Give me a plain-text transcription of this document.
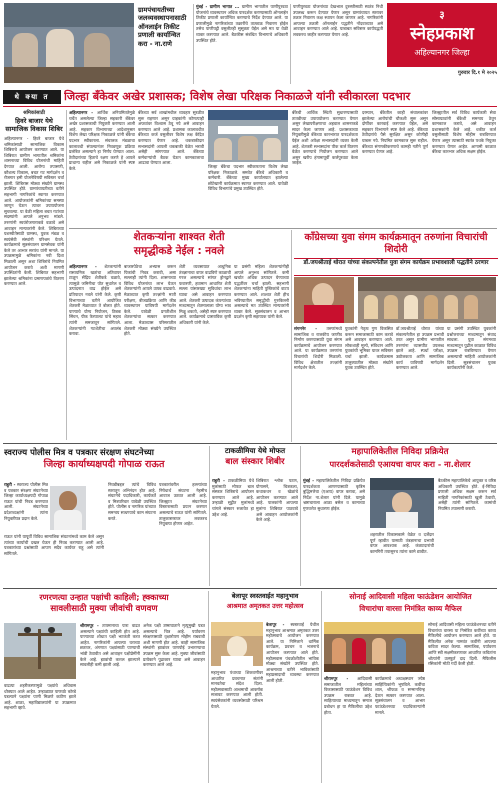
ग्रामपंचायतीच्या जलव्यवस्थापनासाठी ऑनलाईन तिकीट प्रणाली कार्यान्वित करा - ना.राणे
मुंबई - ग्रामीण भागात ... ग्रामीण भागातील पाणीपुरवठा योजनांचे व्यवस्थापन अधिक पारदर्शक करण्यासाठी ऑनलाईन तिकीट प्रणाली कार्यान्वित करण्याचे निर्देश देण्यात आले. या प्रणालीमुळे नागरिकांच्या तक्रारींचे तात्काळ निवारण होईल तसेच पाणीपट्टी वसुलीतही सुसूत्रता येईल असे मत या वेळी व्यक्त करण्यात आले. बैठकीस संबंधित विभागाचे अधिकारी उपस्थित होते.
पाणीपुरवठा योजनांच्या देखभाल दुरुस्तीसाठी स्वतंत्र निधी उपलब्ध करून देण्यात येणार असून ग्रामपंचायत स्तरावर तक्रार निवारण कक्ष स्थापन केला जाणार आहे. नागरिकांनी आपल्या तक्रारी ऑनलाईन पद्धतीने नोंदवाव्यात असे आवाहन करण्यात आले आहे. याबाबत सविस्तर कार्यपद्धती लवकरच जाहीर करण्यात येणार आहे.
३
स्नेहप्रकाश
अहिल्यानगर जिल्हा
गुरुवार दि.१ मे २०२५
थे क्या त	जिल्हा बँकेवर अखेर प्रशासक; विशेष लेखा परिक्षक निकाळजे यांनी स्वीकारला पदभार
श्रमिकांसाठी
हिवरे बाजार येथे सामाजिक विकास शिबिर
अहिल्यानगर - हिवरे बाजार येथे श्रमिकांसाठी सामाजिक विकास शिबिराचे आयोजन करण्यात आले. या शिबिरात ग्रामीण भागातील श्रमिकांना शासनाच्या विविध योजनांची माहिती देण्यात आली. आरोग्य तपासणी, कौशल्य विकास, बचत गट मार्गदर्शन व रोजगार हमी योजनेविषयी सविस्तर चर्चा झाली. शिबिरास मोठ्या संख्येने ग्रामस्थ उपस्थित होते. ग्रामपंचायतीच्या वतीने सहभागी नागरिकांचे स्वागत करण्यात आले. आयोजकांनी श्रमिकांच्या समस्या जाणून घेऊन त्यावर उपाययोजना सुचवल्या. या वेळी महिला बचत गटांच्या सदस्यांनी आपले अनुभव मांडले. तरुणांनी स्वयंरोजगाराकडे वळावे असे आवाहन मान्यवरांनी केले. शिबिराच्या यशस्वीतेसाठी ग्रामस्थ, युवक मंडळ व स्वयंसेवी संस्थांनी परिश्रम घेतले. कार्यक्रमाचे सूत्रसंचालन ग्रामसेवक यांनी केले तर आभार सरपंच यांनी मानले. या उपक्रमामुळे श्रमिकांना नवी दिशा मिळाली असून अशा शिबिरांचे नियमित आयोजन करावे अशी मागणी उपस्थितांनी केली. शिबिरात सहभागी झालेल्या श्रमिकांना प्रमाणपत्रांचे वितरण करण्यात आले.
अहिल्यानगर - आर्थिक अनियमिततेमुळे चर्चेत असलेल्या जिल्हा सहकारी बँकेवर अखेर प्रशासकाची नियुक्ती करण्यात आली आहे. सहकार विभागाच्या आदेशानुसार विशेष लेखा परिक्षक निकाळजे यांनी बँकेचा पदभार स्वीकारला. संचालक मंडळाचा कालावधी संपल्यानंतर निवडणूक प्रक्रिया प्रलंबित असल्याने हा निर्णय घेण्यात आला. ठेवीदारांच्या हिताचे रक्षण करणे हे आपले प्राधान्य राहील असे निकाळजे यांनी स्पष्ट केले.
बँकेच्या सर्व शाखांमधील व्यवहार सुरळीत सुरू राहणार असून ग्राहकांनी कोणत्याही अफवांवर विश्वास ठेवू नये असे आवाहन करण्यात आले आहे. प्रशासक कालावधीत बँकेच्या कर्ज वसुलीवर विशेष लक्ष केंद्रित करण्यात येणार आहे. थकबाकीदार सभासदांनी आपली थकबाकी वेळेत भरावी असेही सांगण्यात आले. बँकेच्या कर्मचाऱ्यांची बैठक घेऊन कामकाजाचा आढावा घेण्यात आला.
जिल्हा बँकेचा पदभार स्वीकारताना विशेष लेखा परिक्षक निकाळजे. समवेत बँकेचे अधिकारी व कर्मचारी. बँकेच्या मुख्य कार्यालयात झालेल्या छोटेखानी कार्यक्रमात स्वागत करण्यात आले. यावेळी विविध विभागांचे प्रमुख उपस्थित होते.
बँकेची आर्थिक स्थिती सुधारण्यासाठी तातडीच्या उपाययोजना करण्यात येणार असून लेखापरीक्षणाचा अहवाल शासनाकडे सादर केला जाणार आहे. प्रशासकाच्या नियुक्तीमुळे बँकेच्या कारभारात पारदर्शकता येईल अशी अपेक्षा सभासदांनी व्यक्त केली आहे. शेतकरी सभासदांना पीक कर्ज वितरण वेळेत करण्याचे नियोजन करण्यात आले असून खरीप हंगामापूर्वी कर्जपुरवठा केला जाईल.
दरम्यान, बँकेतील काही संचालकांवर झालेल्या आरोपांची चौकशी सुरू असून दोषींवर कारवाई करण्यात येईल, असे सहकार विभागाने स्पष्ट केले आहे. बँकेच्या ठेवीदारांचे पैसे सुरक्षित असून कोणीही घाबरू नये. नियमित कामकाज सुरू राहील. बँकेच्या संगणकीकरणाचे कामही गतीने पूर्ण करण्यात येणार आहे.
जिल्ह्यातील सर्व विविध कार्यकारी सेवा सोसायट्यांनी बँकेशी समन्वय ठेवून कामकाज करावे, असे आवाहन प्रशासकांनी केले आहे. थकीत कर्ज वसुलीसाठी विशेष मोहीम राबविण्यात येणार असून त्यासाठी स्वतंत्र पथके नियुक्त करण्यात येणार आहेत. आगामी काळात बँकेचा कारभार अधिक सक्षम होईल.
शेतकऱ्यांना शाश्वत शेती
समृद्धीकडे नेईल : नवले
अहिल्यानगर - शेतकऱ्यांनी रासायनिक खतांचा अतिवापर टाळून सेंद्रिय शेतीकडे वळावे, त्यामुळे जमिनीचा पोत सुधारेल व उत्पादनात वाढ होईल असे प्रतिपादन नवले यांनी केले. कृषी विभागाच्या वतीने आयोजित शेतकरी मेळाव्यात ते बोलत होते. पाण्याचे योग्य नियोजन, ठिबक सिंचन, पीक फेरपालट यांचे महत्व त्यांनी समजावून सांगितले. शेतकऱ्यांनी गटशेतीचा अवलंब करावा.
बाजारपेठेचा अभ्यास करून पिकांची निवड करावी, असा सल्लाही त्यांनी दिला. शासनाच्या विविध योजनांचा लाभ घेऊन शेतकऱ्यांनी आपले उत्पन्न वाढवावे. मेळाव्यात कृषी तज्ज्ञांनी माती परीक्षण, बीजप्रक्रिया आणि कीड व्यवस्थापन याविषयी मार्गदर्शन केले. यावेळी प्रगतीशील शेतकऱ्यांचा सत्कार करण्यात आला. मेळाव्यास परिसरातील शेतकरी मोठ्या संख्येने उपस्थित होते.
शेती व्यवसायात आधुनिक तंत्रज्ञानाचा वापर वाढविणे काळाची गरज असल्याचे सांगत ड्रोनद्वारे फवारणी, हवामान आधारित शेती सल्ला यांसारख्या सुविधांचा लाभ घ्यावा असे आवाहन करण्यात आले. शेतकरी उत्पादक कंपन्यांच्या माध्यमातून शेतमालाला योग्य भाव मिळू शकतो, असेही स्पष्ट करण्यात आले. कार्यक्रमाचे प्रास्ताविक कृषी अधिकारी यांनी केले.
या प्रसंगी महिला शेतकऱ्यांनीही आपले अनुभव सांगितले. कमी खर्चात अधिक उत्पादन घेण्याच्या पद्धतींवर चर्चा झाली. सहभागी शेतकऱ्यांना माहिती पुस्तिकांचे वाटप करण्यात आले. शाश्वत शेती हीच भविष्यातील समृद्धीची गुरुकिल्ली असल्याचे मत उपस्थित मान्यवरांनी व्यक्त केले. सूत्रसंचालन व आभार प्रदर्शन कृषी सहाय्यक यांनी केले.
काँग्रेसच्या युवा संगम कार्यक्रमातून तरुणांना विचारांची शिदोरी
डॉ.जयश्रीताई थोरात यांच्या संकल्पनेतील युवा संगम कार्यक्रम प्रभावशाली पद्धतीने ठरणार
संगमनेर - तरुणांमध्ये सामाजिक व राजकीय जाणीव निर्माण करण्यासाठी युवा संगम कार्यक्रमाचे आयोजन करण्यात आले. या कार्यक्रमात तरुणांना विचारांची शिदोरी मिळाली. विविध क्षेत्रातील तज्ज्ञांनी मार्गदर्शन केले.
युवकांनी नेतृत्व गुण विकसित करून समाजासाठी काम करावे असे आवाहन करण्यात आले. लोकशाही मूल्ये, संविधान आणि युवकांची भूमिका यावर सविस्तर चर्चा झाली. कार्यक्रमास तालुक्यातील मोठ्या संख्येने युवक उपस्थित होते.
डॉ.जयश्रीताई थोरात यांच्या संकल्पनेतील हा उपक्रम प्रभावी ठरत असून ग्रामीण भागातील तरुणांना व्यासपीठ उपलब्ध झाले आहे. स्पर्धा परीक्षा, उद्योजकता आणि सामाजिक कार्य याविषयी मार्गदर्शन करण्यात आले.
या प्रसंगी उपस्थित युवकांनी प्रश्नोत्तराच्या माध्यमातून संवाद साधला. युवा संगमच्या माध्यमातून पुढील काळात विविध उपक्रम राबविण्यात येणार असल्याची माहिती आयोजकांनी दिली. सूत्रसंचालन युवक कार्यकर्त्यांनी केले.
स्वराज्य पोलीस मित्र व पत्रकार संरक्षण संघटनेच्या
जिल्हा कार्याध्यक्षपदी गोपाळ राऊत
राहुरी - स्वराज्य पोलीस मित्र व पत्रकार संरक्षण संघटनेच्या जिल्हा कार्याध्यक्षपदी गोपाळ राऊत यांची निवड करण्यात आली. संघटनेच्या प्रदेशाध्यक्षांनी त्यांना नियुक्तीपत्र प्रदान केले.
राऊत यांनी यापूर्वी विविध सामाजिक संघटनांमध्ये काम केले असून त्यांच्या कार्याची दखल घेऊन ही निवड करण्यात आली आहे. पत्रकारांच्या प्रश्नांसाठी आपण सदैव कार्यरत राहू असे त्यांनी सांगितले.
निवडीबद्दल त्यांचे विविध स्तरातून अभिनंदन होत आहे. संघटनेचे पदाधिकारी, कार्यकर्ते व मित्रपरिवार यावेळी उपस्थित होते. पोलीस व नागरिक यांच्यात समन्वय साधण्याचे काम संघटना करते.
पत्रकारांवरील हल्ल्यांच्या निषेधार्थ संघटना नेहमीच आवाज उठवत आली आहे. जिल्ह्यात संघटनेच्या विस्तारासाठी प्रयत्न करणार असल्याचे राऊत यांनी सांगितले. तालुकास्तरावर लवकरच नियुक्त्या होणार आहेत.
टाकळीमिया येथे मोफत
बाल संस्कार शिबीर
राहुरी - टाकळीमिया येथे मुलांसाठी मोफत बाल संस्कार शिबिराचे आयोजन करण्यात आले आहे. उन्हाळी सुट्टीत मुलांमध्ये चांगले संस्कार रुजावेत हा उद्देश आहे.
शिबिरात श्लोक पठण, योगासने, चित्रकला, कथाकथन व खेळांचे आयोजन करण्यात आले आहे. पालकांनी आपल्या मुलांना शिबिरात पाठवावे असे आवाहन आयोजकांनी केले आहे.
महापालिकेतील निविदा प्रक्रियेत
पारदर्शकतेसाठी एआयचा वापर करा - ना.शेलार
मुंबई - महापालिकेतील निविदा प्रक्रियेत पारदर्शकता आणण्यासाठी कृत्रिम बुद्धिमत्तेचा (एआय) वापर करावा, असे निर्देश ना.शेलार यांनी दिले. यामुळे भ्रष्टाचाराला आळा बसेल व कामाच्या गुणवत्तेत सुधारणा होईल.
बैठकीस महापालिकेचे आयुक्त व वरिष्ठ अधिकारी उपस्थित होते. ई-निविदा प्रणाली अधिक सक्षम करून सर्व माहिती नागरिकांसाठी खुली ठेवावी, असेही त्यांनी सांगितले. कामांची नियमित तपासणी करावी.
शहरातील विकासकामे वेळेत व दर्जेदार पूर्ण व्हावीत यासाठी तंत्रज्ञानाचा प्रभावी वापर आवश्यक आहे. कंत्राटदारांची कामगिरी तपासूनच त्यांना कामे द्यावीत.
रणरणत्या उन्हात पक्षांची काहिली; ह्क्काच्या
सावलीसाठी मुक्या जीवांची वणवण
श्रीरामपूर - तापमानाचा पारा वाढत असल्याने पक्ष्यांची काहिली होत आहे. पाण्याच्या शोधात पक्षी भटकंती करत आहेत. नागरिकांनी आपल्या घराच्या छतावर, अंगणात पक्ष्यांसाठी पाण्याची भांडी ठेवावीत असे आवाहन पक्षीप्रेमींनी केले आहे. झाडांची कत्तल झाल्याने सावलीही कमी झाली आहे.
अनेक पक्षी उष्माघाताने मृत्युमुखी पडत असल्याचे चित्र आहे. पर्यावरण संरक्षणासाठी वृक्षारोपण मोहीम राबवावी अशी मागणी होत आहे. काही सामाजिक संस्थांनी झाडांवर पाणपोई उभारण्याचा उपक्रम सुरू केला आहे. मुक्या जीवांसाठी प्रत्येकाने पुढाकार घ्यावा असे आवाहन करण्यात आले आहे.
वाढत्या शहरीकरणामुळे पक्ष्यांचे अधिवास धोक्यात आले आहेत. उन्हाळ्यात पाणवठे कोरडे पडल्याने पक्ष्यांना पाणी मिळणे कठीण झाले आहे. शाळा, महाविद्यालयांनी या उपक्रमात सहभागी व्हावे.
बेलापूर स्वस्तवाईत महानुभाव
आश्रमात अमृतकत उत्तर महोत्सव
बेलापूर - स्वस्तवाई येथील महानुभाव आश्रमात अमृतकत उत्तर महोत्सवाचे आयोजन करण्यात आले. या निमित्ताने धार्मिक कार्यक्रम, प्रवचन व भजनाचे आयोजन करण्यात आले होते. महोत्सवास पंचक्रोशीतील भाविक मोठ्या संख्येने उपस्थित होते. आश्रमाच्या वतीने भाविकांसाठी महाप्रसादाची व्यवस्था करण्यात आली होती.
महानुभाव पंथाच्या शिकवणीवर आधारित प्रवचनात संतांनी मानवतेचा संदेश दिला. महोत्सवासाठी आश्रमाची आकर्षक सजावट करण्यात आली होती. स्वयंसेवकांनी व्यवस्थेसाठी परिश्रम घेतले.
सोनाई आदिवासी महिला फाऊंडेशन आयोजित
विचारांचा वारसा निमंत्रित काव्य मैफिल
सोनाई आदिवासी महिला फाऊंडेशनच्या वतीने विचारांचा वारसा या निमंत्रित कवींच्या काव्य मैफिलीचे आयोजन करण्यात आले होते. या मैफिलीत अनेक नामवंत कवींनी आपल्या कविता सादर केल्या. सामाजिक, पर्यावरण आणि स्त्री सक्षमीकरणावर आधारित कवितांना श्रोत्यांनी उत्स्फूर्त दाद दिली. मैफिलीस रसिकांनी मोठी गर्दी केली होती.
श्रीरामपूर - आदिवासी समाजातील महिलांच्या विकासासाठी फाऊंडेशन विविध उपक्रम राबवत आहे. साहित्याच्या माध्यमातून समाज प्रबोधन हा या मैफिलीचा उद्देश होता.
कार्यक्रमाचे अध्यक्षस्थान ज्येष्ठ साहित्यिकांनी भूषविले. कवींचा शाल, श्रीफळ व सन्मानचिन्ह देऊन सत्कार करण्यात आला. सूत्रसंचालन व आभार फाऊंडेशनच्या पदाधिकाऱ्यांनी मानले.
